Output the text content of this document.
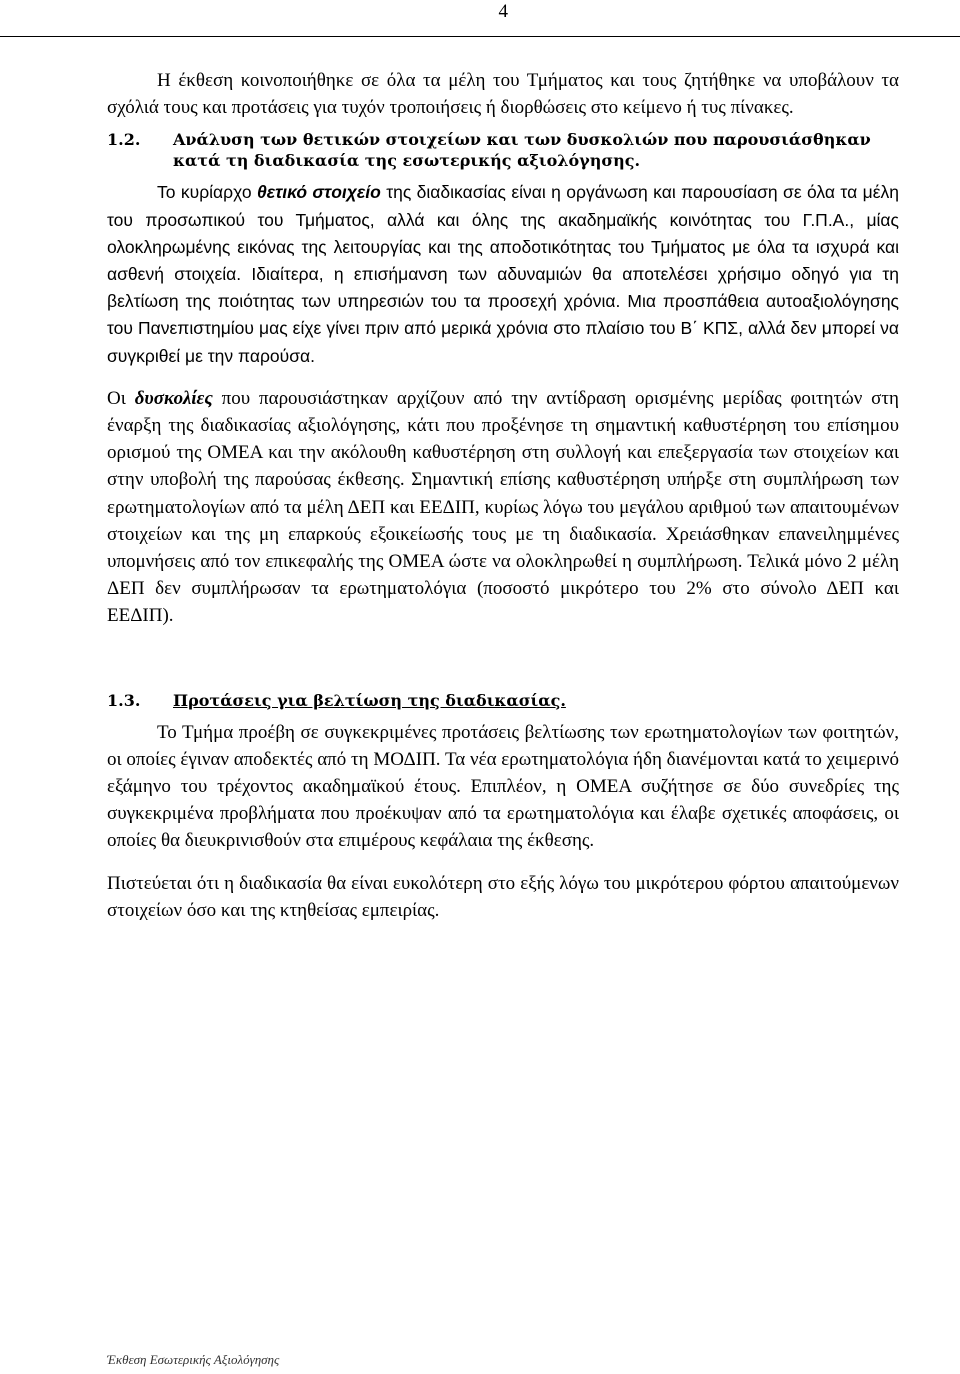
4

Η έκθεση κοινοποιήθηκε σε όλα τα μέλη του Τμήματος και τους ζητήθηκε να υποβάλουν τα σχόλιά τους και προτάσεις για τυχόν τροποιήσεις ή διορθώσεις στο κείμενο ή τυς πίνακες.

1.2.	Ανάλυση των θετικών στοιχείων και των δυσκολιών που παρουσιάσθηκαν κατά τη διαδικασία της εσωτερικής αξιολόγησης.

Το κυρίαρχο θετικό στοιχείο της διαδικασίας είναι η οργάνωση και παρουσίαση σε όλα τα μέλη του προσωπικού του Τμήματος, αλλά και όλης της ακαδημαϊκής κοινότητας του Γ.Π.Α., μίας ολοκληρωμένης εικόνας της λειτουργίας και της αποδοτικότητας του Τμήματος με όλα τα ισχυρά και ασθενή στοιχεία. Ιδιαίτερα, η επισήμανση των αδυναμιών θα αποτελέσει χρήσιμο οδηγό για τη βελτίωση της ποιότητας των υπηρεσιών του τα προσεχή χρόνια. Μια προσπάθεια αυτοαξιολόγησης του Πανεπιστημίου μας είχε γίνει πριν από μερικά χρόνια στο πλαίσιο του Β΄ ΚΠΣ, αλλά δεν μπορεί να συγκριθεί με την παρούσα.

Οι δυσκολίες που παρουσιάστηκαν αρχίζουν από την αντίδραση ορισμένης μερίδας φοιτητών στη έναρξη της διαδικασίας αξιολόγησης, κάτι που προξένησε τη σημαντική καθυστέρηση του επίσημου ορισμού της ΟΜΕΑ και την ακόλουθη καθυστέρηση στη συλλογή και επεξεργασία των στοιχείων και στην υποβολή της παρούσας έκθεσης. Σημαντική επίσης καθυστέρηση υπήρξε στη συμπλήρωση των ερωτηματολογίων από τα μέλη ΔΕΠ και ΕΕΔΙΠ, κυρίως λόγω του μεγάλου αριθμού των απαιτουμένων στοιχείων και της μη επαρκούς εξοικείωσής τους με τη διαδικασία. Χρειάσθηκαν επανειλημμένες υπομνήσεις από τον επικεφαλής της ΟΜΕΑ ώστε να ολοκληρωθεί η συμπλήρωση. Τελικά μόνο 2 μέλη ΔΕΠ δεν συμπλήρωσαν τα ερωτηματολόγια (ποσοστό μικρότερο του 2% στο σύνολο ΔΕΠ και ΕΕΔΙΠ).

1.3.	Προτάσεις για βελτίωση της διαδικασίας.

Το Τμήμα προέβη σε συγκεκριμένες προτάσεις βελτίωσης των ερωτηματολογίων των φοιτητών, οι οποίες έγιναν αποδεκτές από τη ΜΟΔΙΠ. Τα νέα ερωτηματολόγια ήδη διανέμονται κατά το χειμερινό εξάμηνο του τρέχοντος ακαδημαϊκού έτους. Επιπλέον, η ΟΜΕΑ συζήτησε σε δύο συνεδρίες της συγκεκριμένα προβλήματα που προέκυψαν από τα ερωτηματολόγια και έλαβε σχετικές αποφάσεις, οι οποίες θα διευκρινισθούν στα επιμέρους κεφάλαια της έκθεσης.

Πιστεύεται ότι η διαδικασία θα είναι ευκολότερη στο εξής λόγω του μικρότερου φόρτου απαιτούμενων στοιχείων όσο και της κτηθείσας εμπειρίας.

Έκθεση Εσωτερικής Αξιολόγησης
